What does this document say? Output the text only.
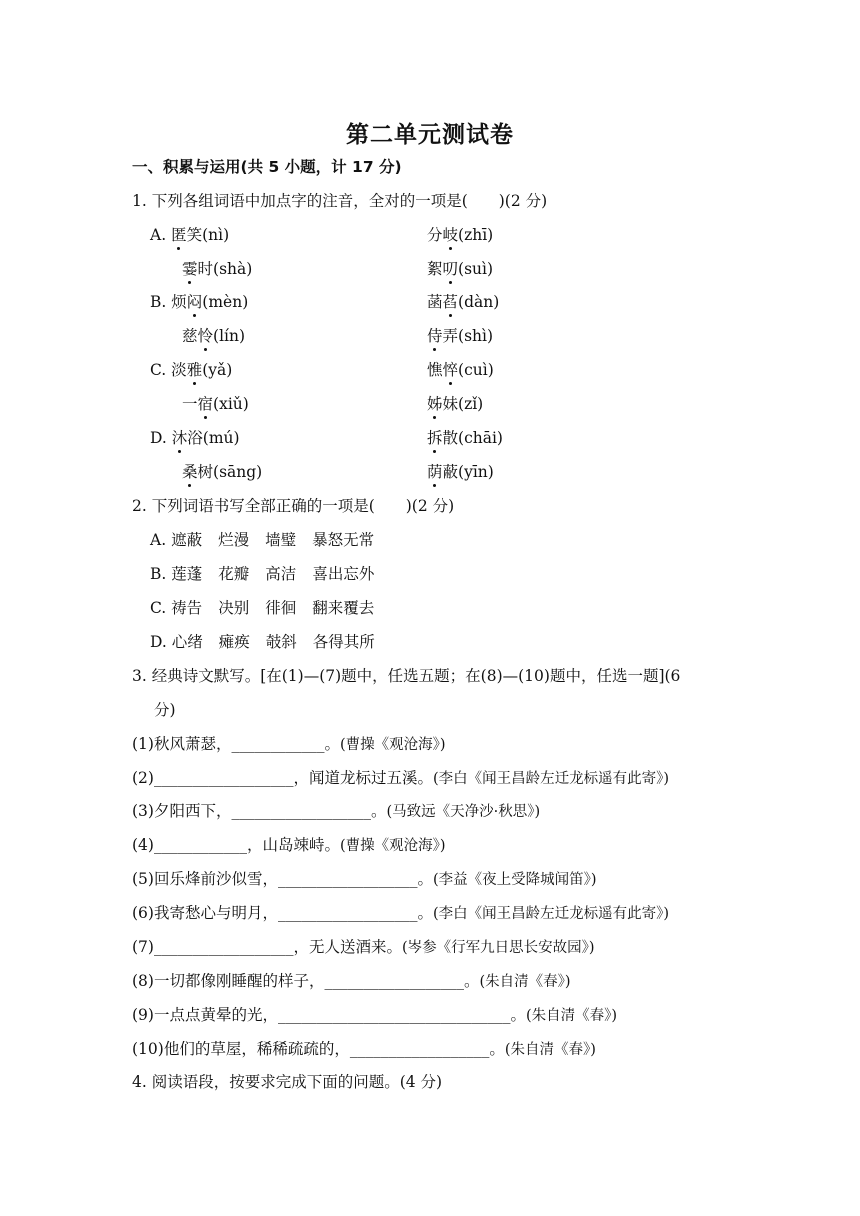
第二单元测试卷
一、积累与运用(共 5 小题，计 17 分)
1. 下列各组词语中加点字的注音，全对的一项是(　　)(2 分)
A. 匿笑(nì)	分岐(zhī)
霎时(shà)	絮叨(suì)
B. 烦闷(mèn)	菡萏(dàn)
慈怜(lín)	侍弄(shì)
C. 淡雅(yǎ)	憔悴(cuì)
一宿(xiǔ)	姊妹(zǐ)
D. 沐浴(mú)	拆散(chāi)
桑树(sāng)	荫蔽(yīn)
2. 下列词语书写全部正确的一项是(　　)(2 分)
A. 遮蔽 烂漫 墙璧 暴怒无常
B. 莲蓬 花瓣 高洁 喜出忘外
C. 祷告 决别 徘徊 翻来覆去
D. 心绪 瘫痪 攲斜 各得其所
3. 经典诗文默写。[在(1)—(7)题中，任选五题；在(8)—(10)题中，任选一题](6
分)
(1)秋风萧瑟，____________。(曹操《观沧海》)
(2)__________________，闻道龙标过五溪。(李白《闻王昌龄左迁龙标遥有此寄》)
(3)夕阳西下，__________________。(马致远《天净沙·秋思》)
(4)____________，山岛竦峙。(曹操《观沧海》)
(5)回乐烽前沙似雪，__________________。(李益《夜上受降城闻笛》)
(6)我寄愁心与明月，__________________。(李白《闻王昌龄左迁龙标遥有此寄》)
(7)__________________，无人送酒来。(岑参《行军九日思长安故园》)
(8)一切都像刚睡醒的样子，__________________。(朱自清《春》)
(9)一点点黄晕的光，______________________________。(朱自清《春》)
(10)他们的草屋，稀稀疏疏的，__________________。(朱自清《春》)
4. 阅读语段，按要求完成下面的问题。(4 分)
